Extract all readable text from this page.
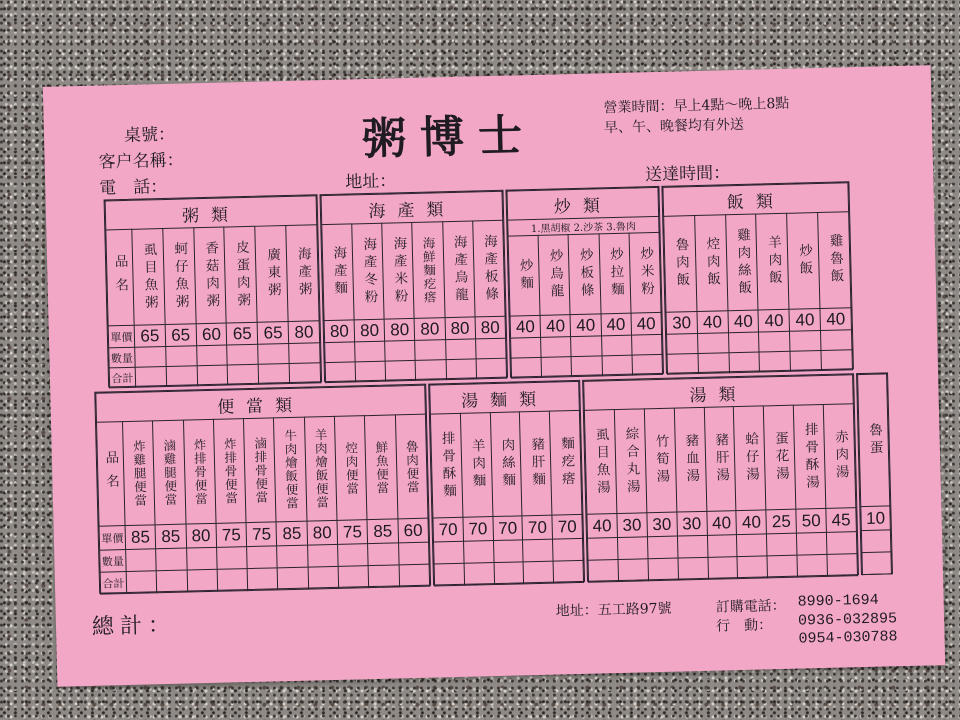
桌號：
客户名稱：
電　話：	地址：	送達時間：
粥博士
營業時間：早上4點～晚上8點
早、午、晚餐均有外送
粥類						

品名	虱目魚粥	蚵仔魚粥	香菇肉粥	皮蛋肉粥	廣東粥	海產粥

單價	65	65	60	65	65	80
數量						
合計						
海產類					

海產麵	海產冬粉	海產米粉	海鮮麵疙瘩	海產烏龍	海產板條

80	80	80	80	80	80

炒類				
1.黑胡椒 2.沙茶 3.魯肉				

炒麵	炒烏龍	炒板條	炒拉麵	炒米粉

40	40	40	40	40

飯類					

魯肉飯	焢肉飯	雞肉絲飯	羊肉飯	炒飯	雞魯飯

30	40	40	40	40	40

便當類										

品名	炸雞腿便當	滷雞腿便當	炸排骨便當	炸排骨便當	滷排骨便當	牛肉燴飯便當	羊肉燴飯便當	焢肉便當	鮮魚便當	魯肉便當

單價	85	85	80	75	75	85	80	75	85	60
數量										
合計										
湯麵類				

排骨酥麵	羊肉麵	肉絲麵	豬肝麵	麵疙瘩

70	70	70	70	70

湯類								

虱目魚湯	綜合丸湯	竹筍湯	豬血湯	豬肝湯	蛤仔湯	蛋花湯	排骨酥湯	赤肉湯

40	30	30	30	40	40	25	50	45

魯蛋

10

總計：
地址：五工路97號	訂購電話： 8990-1694
行　動： 0936-032895
0954-030788
